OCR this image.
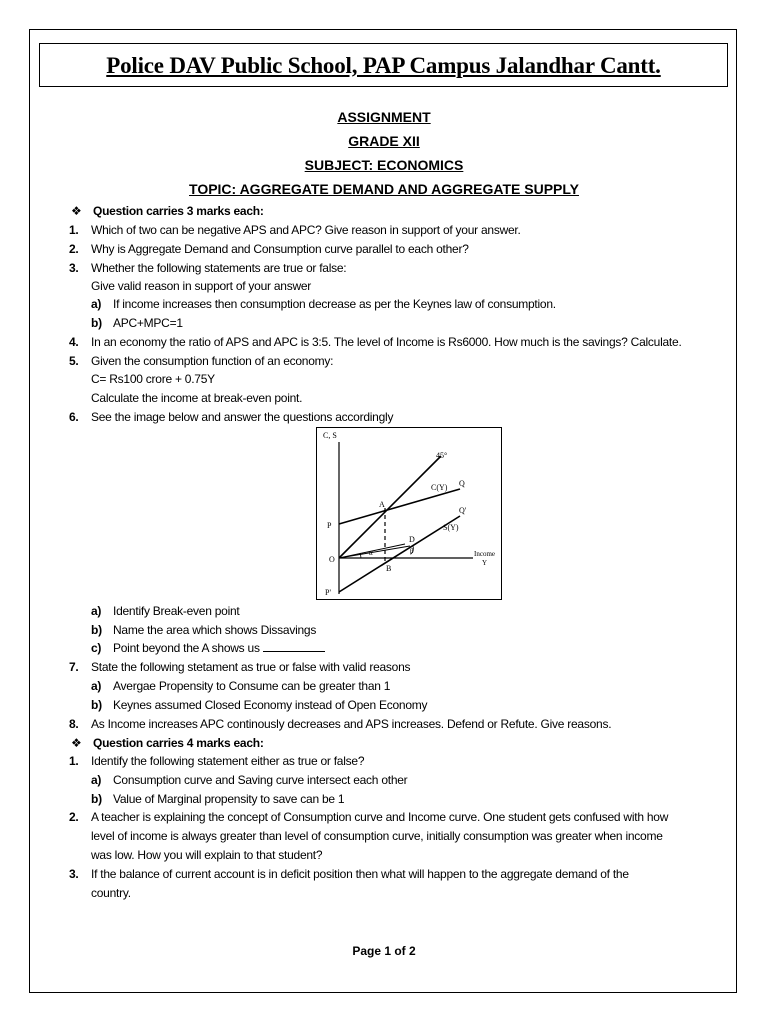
Police DAV Public School, PAP Campus Jalandhar Cantt.
ASSIGNMENT
GRADE XII
SUBJECT: ECONOMICS
TOPIC: AGGREGATE DEMAND AND AGGREGATE SUPPLY
❖ Question carries 3 marks each:
1. Which of two can be negative APS and APC? Give reason in support of your answer.
2. Why is Aggregate Demand and Consumption curve parallel to each other?
3. Whether the following statements are true or false:
Give valid reason in support of your answer
a) If income increases then consumption decrease as per the Keynes law of consumption.
b) APC+MPC=1
4. In an economy the ratio of APS and APC is 3:5. The level of Income is Rs6000. How much is the savings? Calculate.
5. Given the consumption function of an economy:
C= Rs100 crore + 0.75Y
Calculate the income at break-even point.
6. See the image below and answer the questions accordingly
C, S
45°
Q
C(Y)
Q'
S(Y)
A
D
P
O
B
P'
α	β	Income
Y
a) Identify Break-even point
b) Name the area which shows Dissavings
c) Point beyond the A shows us
7. State the following stetament as true or false with valid reasons
a) Avergae Propensity to Consume can be greater than 1
b) Keynes assumed Closed Economy instead of Open Economy
8. As Income increases APC continously decreases and APS increases. Defend or Refute. Give reasons.
❖ Question carries 4 marks each:
1. Identify the following statement either as true or false?
a) Consumption curve and Saving curve intersect each other
b) Value of Marginal propensity to save can be 1
2. A teacher is explaining the concept of Consumption curve and Income curve. One student gets confused with how
level of income is always greater than level of consumption curve, initially consumption was greater when income
was low. How you will explain to that student?
3. If the balance of current account is in deficit position then what will happen to the aggregate demand of the
country.
Page 1 of 2
